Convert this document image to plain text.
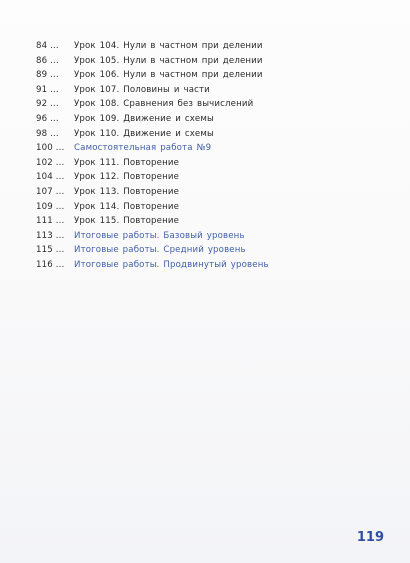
84 ...	Урок 104. Нули в частном при делении
86 ...	Урок 105. Нули в частном при делении
89 ...	Урок 106. Нули в частном при делении
91 ...	Урок 107. Половины и части
92 ...	Урок 108. Сравнения без вычислений
96 ...	Урок 109. Движение и схемы
98 ...	Урок 110. Движение и схемы
100 ...	Самостоятельная работа №9
102 ...	Урок 111. Повторение
104 ...	Урок 112. Повторение
107 ...	Урок 113. Повторение
109 ...	Урок 114. Повторение
111 ...	Урок 115. Повторение
113 ...	Итоговые работы. Базовый уровень
115 ...	Итоговые работы. Средний уровень
116 ...	Итоговые работы. Продвинутый уровень
119
